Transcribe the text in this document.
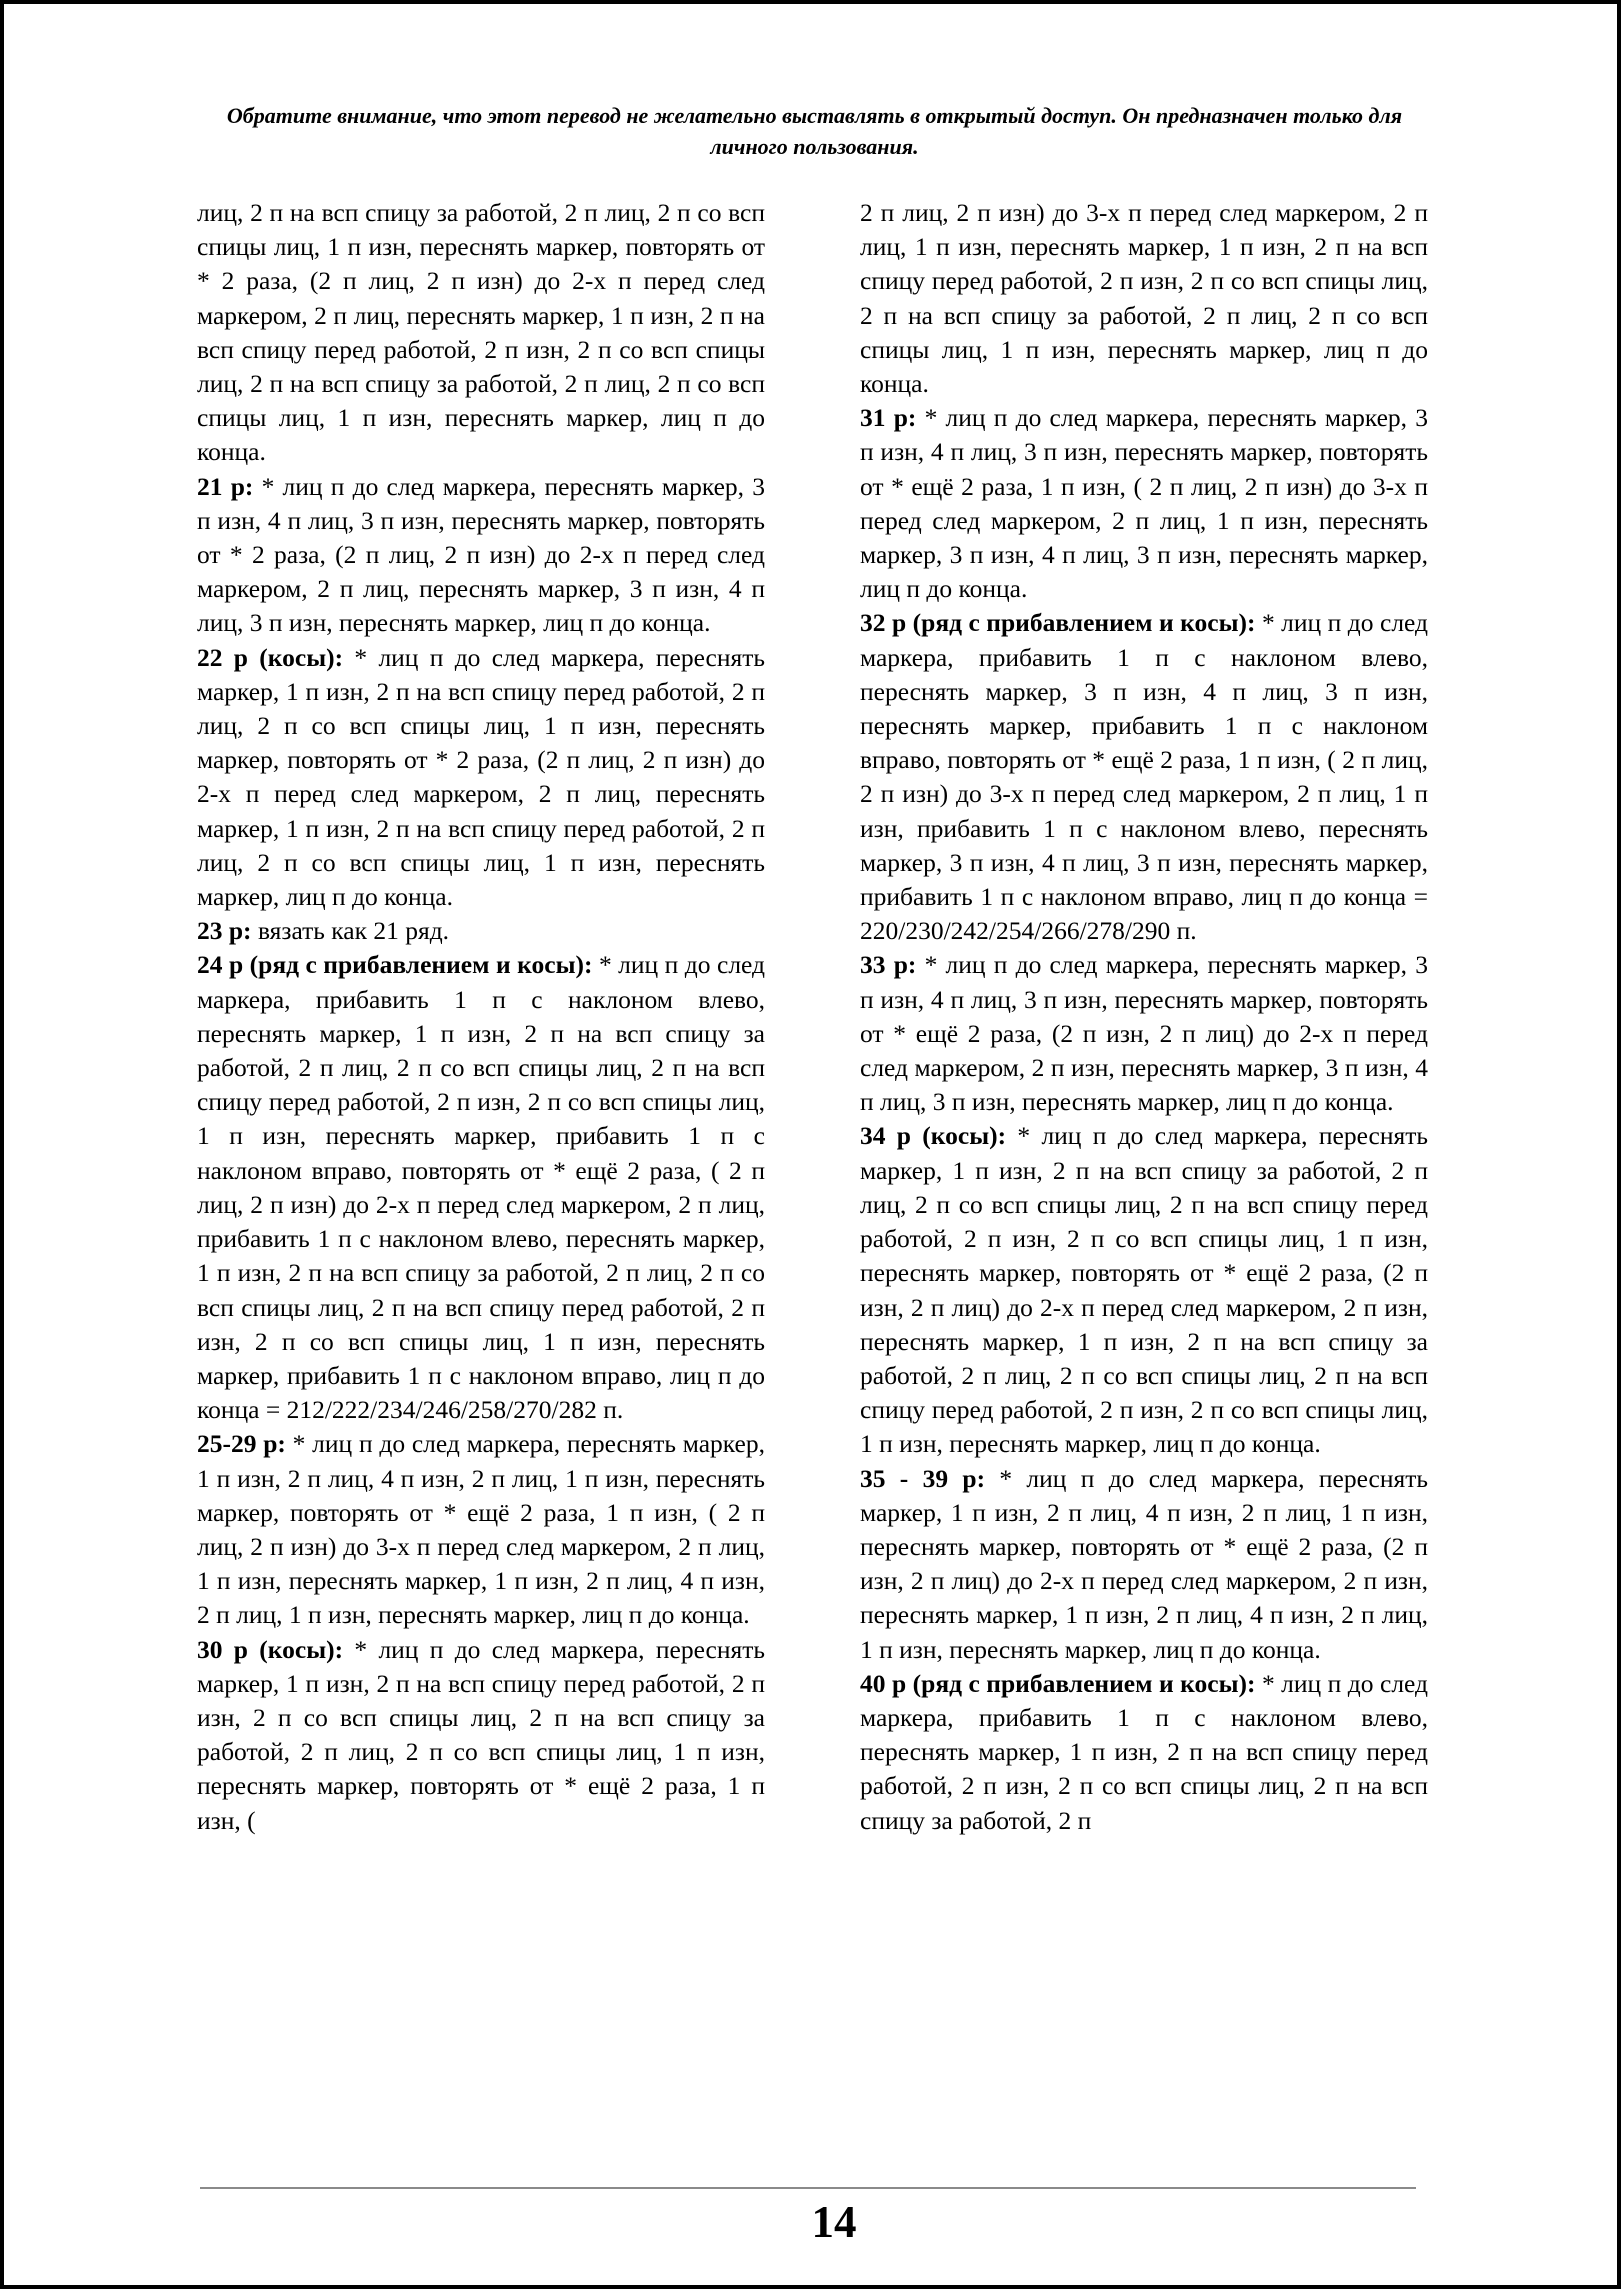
Обратите внимание, что этот перевод не желательно выставлять в открытый доступ. Он предназначен только для личного пользования.

лиц, 2 п на всп спицу за работой, 2 п лиц, 2 п со всп спицы лиц, 1 п изн, переснять маркер, повторять от * 2 раза, (2 п лиц, 2 п изн) до 2-х п перед след маркером, 2 п лиц, переснять маркер, 1 п изн, 2 п на всп спицу перед работой, 2 п изн, 2 п со всп спицы лиц, 2 п на всп спицу за работой, 2 п лиц, 2 п со всп спицы лиц, 1 п изн, переснять маркер, лиц п до конца.

21 р: * лиц п до след маркера, переснять маркер, 3 п изн, 4 п лиц, 3 п изн, переснять маркер, повторять от * 2 раза, (2 п лиц, 2 п изн) до 2-х п перед след маркером, 2 п лиц, переснять маркер, 3 п изн, 4 п лиц, 3 п изн, переснять маркер, лиц п до конца.

22 р (косы): * лиц п до след маркера, переснять маркер, 1 п изн, 2 п на всп спицу перед работой, 2 п лиц, 2 п со всп спицы лиц, 1 п изн, переснять маркер, повторять от * 2 раза, (2 п лиц, 2 п изн) до 2-х п перед след маркером, 2 п лиц, переснять маркер, 1 п изн, 2 п на всп спицу перед работой, 2 п лиц, 2 п со всп спицы лиц, 1 п изн, переснять маркер, лиц п до конца.

23 р: вязать как 21 ряд.

24 р (ряд с прибавлением и косы): * лиц п до след маркера, прибавить 1 п с наклоном влево, переснять маркер, 1 п изн, 2 п на всп спицу за работой, 2 п лиц, 2 п со всп спицы лиц, 2 п на всп спицу перед работой, 2 п изн, 2 п со всп спицы лиц, 1 п изн, переснять маркер, прибавить 1 п с наклоном вправо, повторять от * ещё 2 раза, ( 2 п лиц, 2 п изн) до 2-х п перед след маркером, 2 п лиц, прибавить 1 п с наклоном влево, переснять маркер, 1 п изн, 2 п на всп спицу за работой, 2 п лиц, 2 п со всп спицы лиц, 2 п на всп спицу перед работой, 2 п изн, 2 п со всп спицы лиц, 1 п изн, переснять маркер, прибавить 1 п с наклоном вправо, лиц п до конца = 212/222/234/246/258/270/282 п.

25-29 р: * лиц п до след маркера, переснять маркер, 1 п изн, 2 п лиц, 4 п изн, 2 п лиц, 1 п изн, переснять маркер, повторять от * ещё 2 раза, 1 п изн, ( 2 п лиц, 2 п изн) до 3-х п перед след маркером, 2 п лиц, 1 п изн, переснять маркер, 1 п изн, 2 п лиц, 4 п изн, 2 п лиц, 1 п изн, переснять маркер, лиц п до конца.

30 р (косы): * лиц п до след маркера, переснять маркер, 1 п изн, 2 п на всп спицу перед работой, 2 п изн, 2 п со всп спицы лиц, 2 п на всп спицу за работой, 2 п лиц, 2 п со всп спицы лиц, 1 п изн, переснять маркер, повторять от * ещё 2 раза, 1 п изн, (

2 п лиц, 2 п изн) до 3-х п перед след маркером, 2 п лиц, 1 п изн, переснять маркер, 1 п изн, 2 п на всп спицу перед работой, 2 п изн, 2 п со всп спицы лиц, 2 п на всп спицу за работой, 2 п лиц, 2 п со всп спицы лиц, 1 п изн, переснять маркер, лиц п до конца.

31 р: * лиц п до след маркера, переснять маркер, 3 п изн, 4 п лиц, 3 п изн, переснять маркер, повторять от * ещё 2 раза, 1 п изн, ( 2 п лиц, 2 п изн) до 3-х п перед след маркером, 2 п лиц, 1 п изн, переснять маркер, 3 п изн, 4 п лиц, 3 п изн, переснять маркер, лиц п до конца.

32 р (ряд с прибавлением и косы): * лиц п до след маркера, прибавить 1 п с наклоном влево, переснять маркер, 3 п изн, 4 п лиц, 3 п изн, переснять маркер, прибавить 1 п с наклоном вправо, повторять от * ещё 2 раза, 1 п изн, ( 2 п лиц, 2 п изн) до 3-х п перед след маркером, 2 п лиц, 1 п изн, прибавить 1 п с наклоном влево, переснять маркер, 3 п изн, 4 п лиц, 3 п изн, переснять маркер, прибавить 1 п с наклоном вправо, лиц п до конца = 220/230/242/254/266/278/290 п.

33 р: * лиц п до след маркера, переснять маркер, 3 п изн, 4 п лиц, 3 п изн, переснять маркер, повторять от * ещё 2 раза, (2 п изн, 2 п лиц) до 2-х п перед след маркером, 2 п изн, переснять маркер, 3 п изн, 4 п лиц, 3 п изн, переснять маркер, лиц п до конца.

34 р (косы): * лиц п до след маркера, переснять маркер, 1 п изн, 2 п на всп спицу за работой, 2 п лиц, 2 п со всп спицы лиц, 2 п на всп спицу перед работой, 2 п изн, 2 п со всп спицы лиц, 1 п изн, переснять маркер, повторять от * ещё 2 раза, (2 п изн, 2 п лиц) до 2-х п перед след маркером, 2 п изн, переснять маркер, 1 п изн, 2 п на всп спицу за работой, 2 п лиц, 2 п со всп спицы лиц, 2 п на всп спицу перед работой, 2 п изн, 2 п со всп спицы лиц, 1 п изн, переснять маркер, лиц п до конца.

35 - 39 р: * лиц п до след маркера, переснять маркер, 1 п изн, 2 п лиц, 4 п изн, 2 п лиц, 1 п изн, переснять маркер, повторять от * ещё 2 раза, (2 п изн, 2 п лиц) до 2-х п перед след маркером, 2 п изн, переснять маркер, 1 п изн, 2 п лиц, 4 п изн, 2 п лиц, 1 п изн, переснять маркер, лиц п до конца.

40 р (ряд с прибавлением и косы): * лиц п до след маркера, прибавить 1 п с наклоном влево, переснять маркер, 1 п изн, 2 п на всп спицу перед работой, 2 п изн, 2 п со всп спицы лиц, 2 п на всп спицу за работой, 2 п

14
